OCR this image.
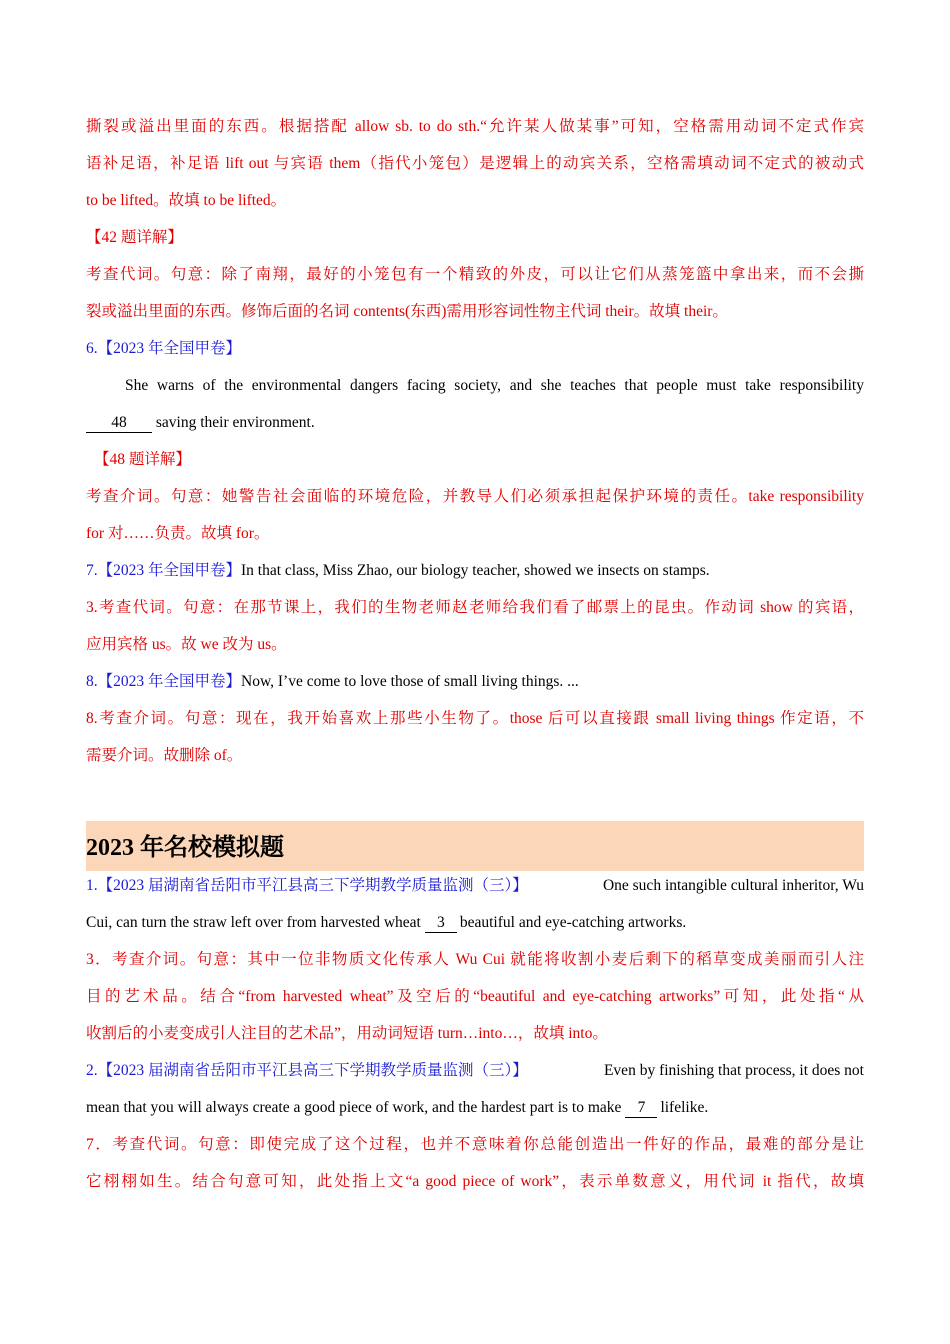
撕裂或溢出里面的东西。根据搭配 allow sb. to do sth.“允许某人做某事”可知，空格需用动词不定式作宾
语补足语，补足语 lift out 与宾语 them（指代小笼包）是逻辑上的动宾关系，空格需填动词不定式的被动式
to be lifted。故填 to be lifted。
【42 题详解】
考查代词。句意：除了南翔，最好的小笼包有一个精致的外皮，可以让它们从蒸笼篮中拿出来，而不会撕
裂或溢出里面的东西。修饰后面的名词 contents(东西)需用形容词性物主代词 their。故填 their。
6.【2023 年全国甲卷】
She warns of the environmental dangers facing society, and she teaches that people must take responsibility
48 saving their environment.
【48 题详解】
考查介词。句意：她警告社会面临的环境危险，并教导人们必须承担起保护环境的责任。take responsibility
for 对……负责。故填 for。
7.【2023 年全国甲卷】In that class, Miss Zhao, our biology teacher, showed we insects on stamps.
3.考查代词。句意：在那节课上，我们的生物老师赵老师给我们看了邮票上的昆虫。作动词 show 的宾语，
应用宾格 us。故 we 改为 us。
8.【2023 年全国甲卷】Now, I’ve come to love those of small living things. ...
8.考查介词。句意：现在，我开始喜欢上那些小生物了。those 后可以直接跟 small living things 作定语，不
需要介词。故删除 of。
2023 年名校模拟题
1.【2023 届湖南省岳阳市平江县高三下学期教学质量监测（三）】	One such intangible cultural inheritor, Wu
Cui, can turn the straw left over from harvested wheat 3 beautiful and eye-catching artworks.
3．考查介词。句意：其中一位非物质文化传承人 Wu Cui 就能将收割小麦后剩下的稻草变成美丽而引人注
目的艺术品。结合“from harvested wheat”及空后的“beautiful and eye-catching artworks”可知，此处指“从
收割后的小麦变成引人注目的艺术品”，用动词短语 turn…into…，故填 into。
2.【2023 届湖南省岳阳市平江县高三下学期教学质量监测（三）】	Even by finishing that process, it does not
mean that you will always create a good piece of work, and the hardest part is to make 7 lifelike.
7．考查代词。句意：即使完成了这个过程，也并不意味着你总能创造出一件好的作品，最难的部分是让
它栩栩如生。结合句意可知，此处指上文“a good piece of work”，表示单数意义，用代词 it 指代，故填
